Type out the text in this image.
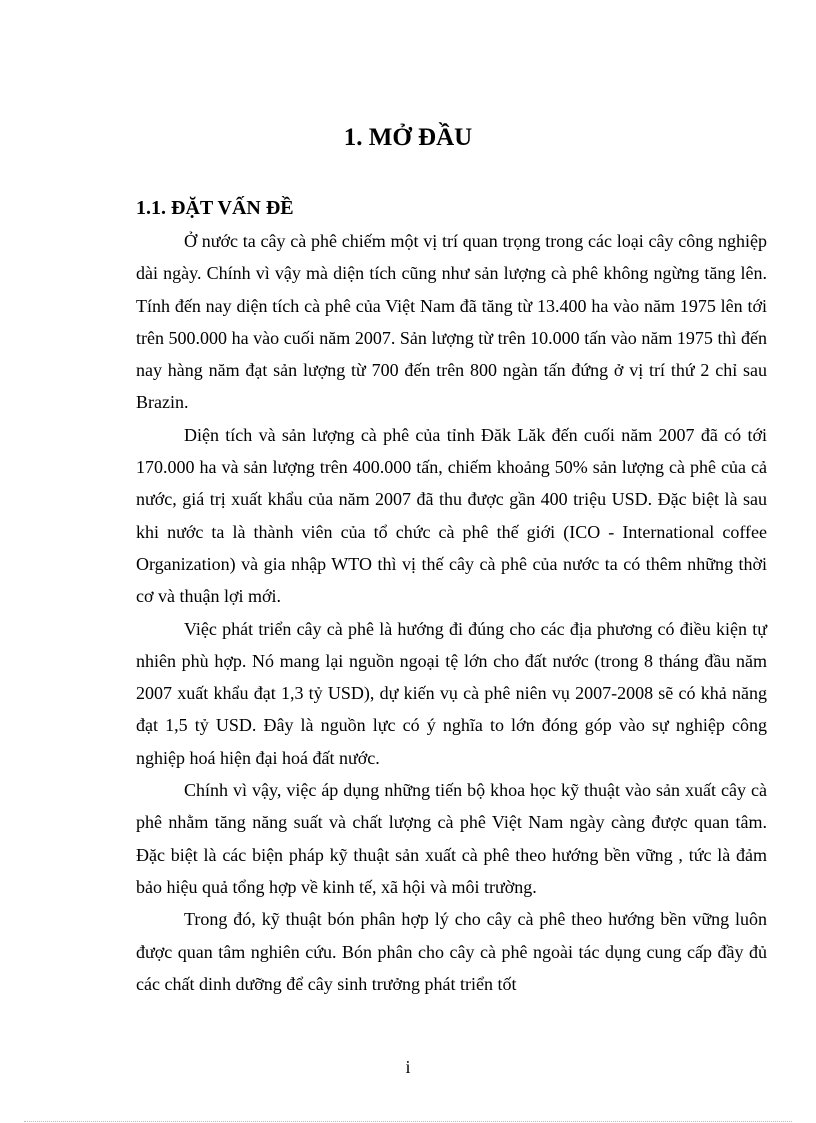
1. MỞ ĐẦU
1.1. ĐẶT VẤN ĐỀ

Ở nước ta cây cà phê chiếm một vị trí quan trọng trong các loại cây công nghiệp dài ngày. Chính vì vậy mà diện tích cũng như sản lượng cà phê không ngừng tăng lên. Tính đến nay diện tích cà phê của Việt Nam đã tăng từ 13.400 ha vào năm 1975 lên tới trên 500.000 ha vào cuối năm 2007. Sản lượng từ trên 10.000 tấn vào năm 1975 thì đến nay hàng năm đạt sản lượng từ 700 đến trên 800 ngàn tấn đứng ở vị trí thứ 2 chỉ sau Brazin.

Diện tích và sản lượng cà phê của tỉnh Đăk Lăk đến cuối năm 2007 đã có tới 170.000 ha và sản lượng trên 400.000 tấn, chiếm khoảng 50% sản lượng cà phê của cả nước, giá trị xuất khẩu của năm 2007 đã thu được gần 400 triệu USD. Đặc biệt là sau khi nước ta là thành viên của tổ chức cà phê thế giới (ICO - International coffee Organization) và gia nhập WTO thì vị thế cây cà phê của nước ta có thêm những thời cơ và thuận lợi mới.

Việc phát triển cây cà phê là hướng đi đúng cho các địa phương có điều kiện tự nhiên phù hợp. Nó mang lại nguồn ngoại tệ lớn cho đất nước (trong 8 tháng đầu năm 2007 xuất khẩu đạt 1,3 tỷ USD), dự kiến vụ cà phê niên vụ 2007-2008 sẽ có khả năng đạt 1,5 tỷ USD. Đây là nguồn lực có ý nghĩa to lớn đóng góp vào sự nghiệp công nghiệp hoá hiện đại hoá đất nước.

Chính vì vậy, việc áp dụng những tiến bộ khoa học kỹ thuật vào sản xuất cây cà phê nhằm tăng năng suất và chất lượng cà phê Việt Nam ngày càng được quan tâm. Đặc biệt là các biện pháp kỹ thuật sản xuất cà phê theo hướng bền vững , tức là đảm bảo hiệu quả tổng hợp về kinh tế, xã hội và môi trường.

Trong đó, kỹ thuật bón phân hợp lý cho cây cà phê theo hướng bền vững luôn được quan tâm nghiên cứu. Bón phân cho cây cà phê ngoài tác dụng cung cấp đầy đủ các chất dinh dưỡng để cây sinh trưởng phát triển tốt

i
